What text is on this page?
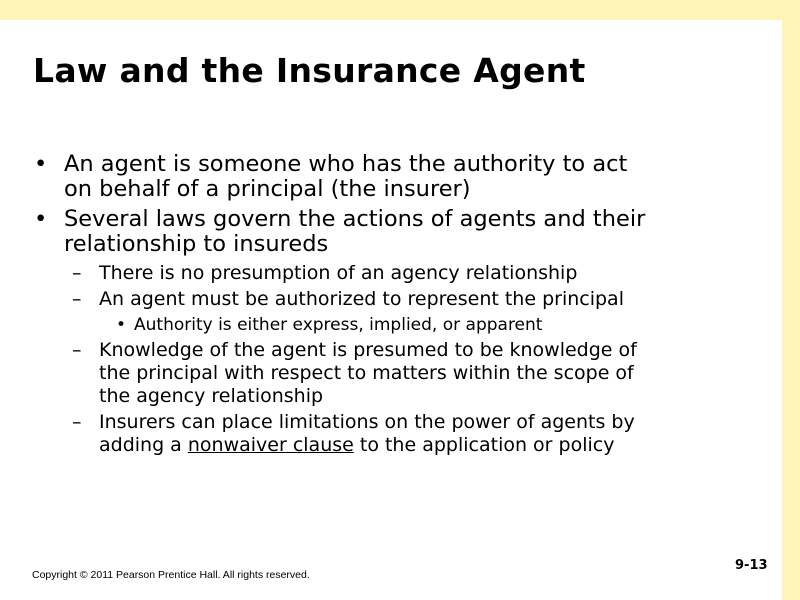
Law and the Insurance Agent
• An agent is someone who has the authority to act
on behalf of a principal (the insurer)
• Several laws govern the actions of agents and their
relationship to insureds
– There is no presumption of an agency relationship
– An agent must be authorized to represent the principal
• Authority is either express, implied, or apparent
– Knowledge of the agent is presumed to be knowledge of
the principal with respect to matters within the scope of
the agency relationship
– Insurers can place limitations on the power of agents by
adding a nonwaiver clause to the application or policy
Copyright © 2011 Pearson Prentice Hall. All rights reserved.
9-13
